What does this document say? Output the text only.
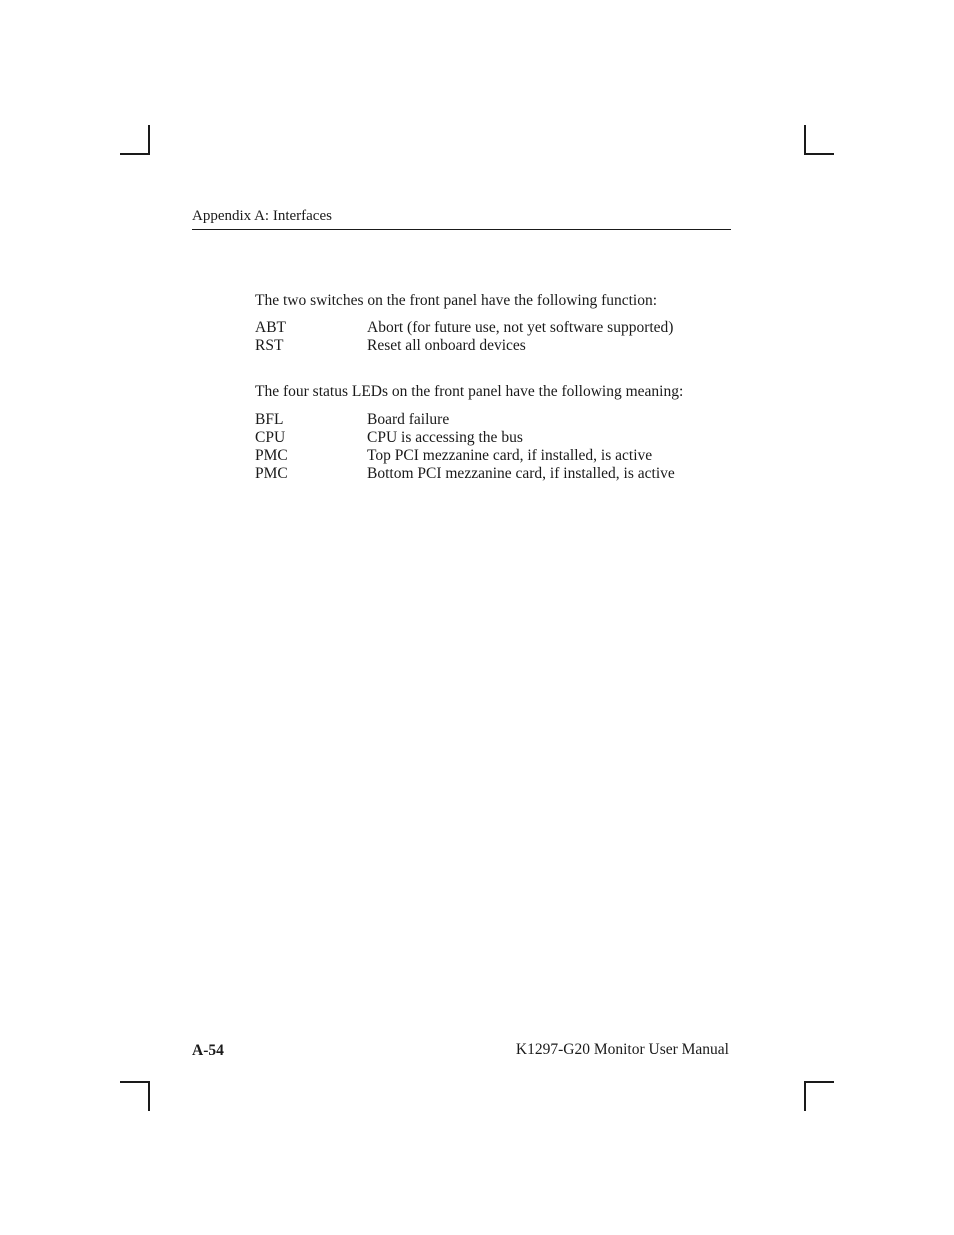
Appendix A: Interfaces
The two switches on the front panel have the following function:
ABT	Abort (for future use, not yet software supported)
RST	Reset all onboard devices
The four status LEDs on the front panel have the following meaning:
BFL	Board failure
CPU	CPU is accessing the bus
PMC	Top PCI mezzanine card, if installed, is active
PMC	Bottom PCI mezzanine card, if installed, is active
A-54	K1297-G20 Monitor User Manual
